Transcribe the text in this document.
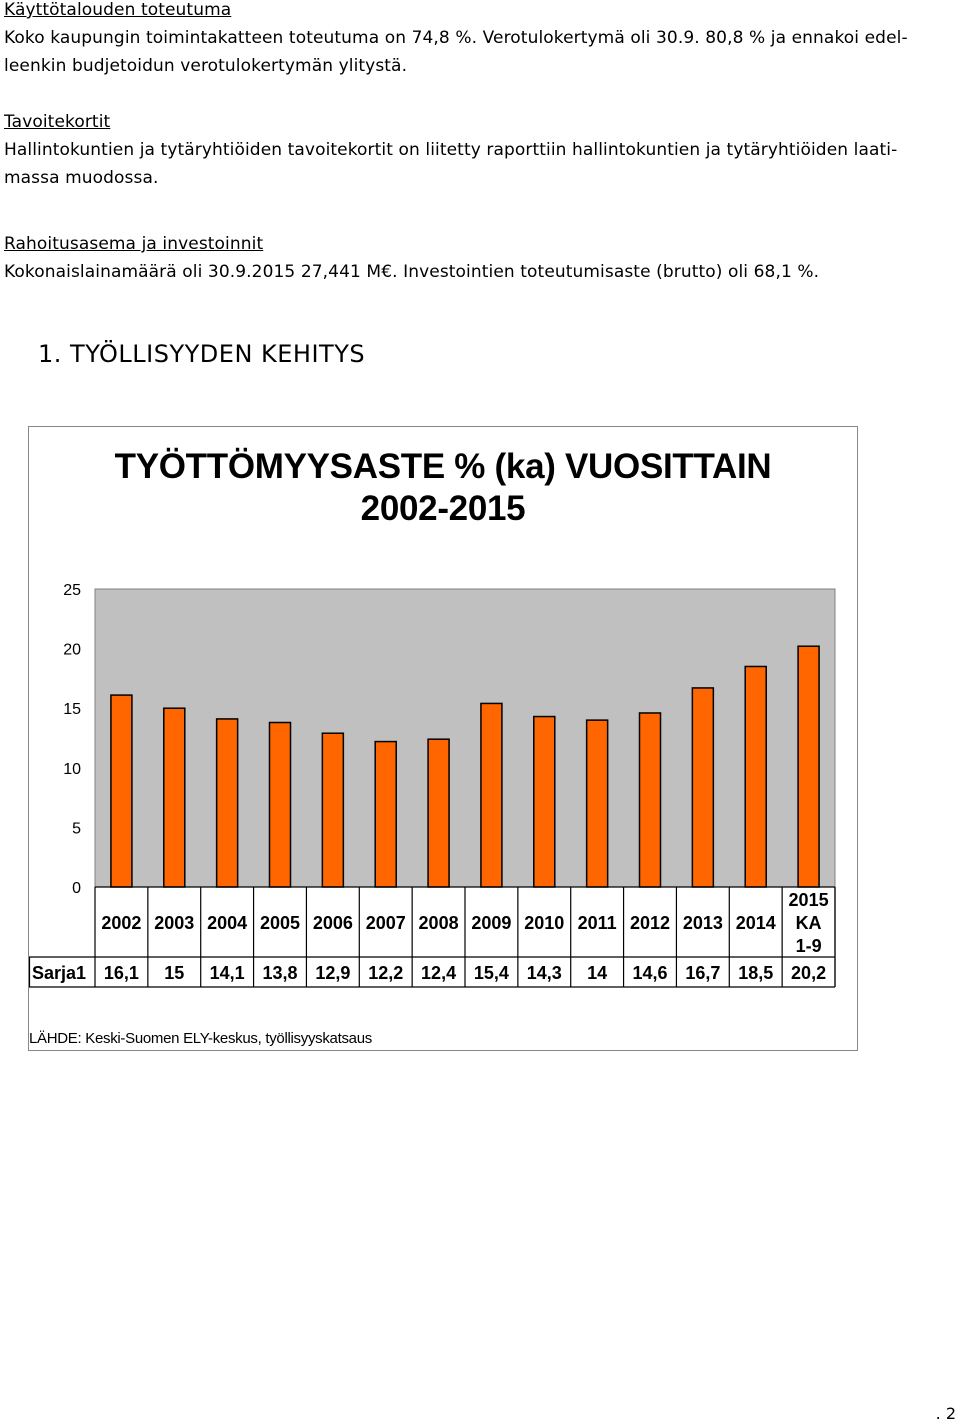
Käyttötalouden toteutuma
Koko kaupungin toimintakatteen toteutuma on 74,8 %. Verotulokertymä oli 30.9. 80,8 % ja ennakoi edel-
leenkin budjetoidun verotulokertymän ylitystä.
Tavoitekortit
Hallintokuntien ja tytäryhtiöiden tavoitekortit on liitetty raporttiin hallintokuntien ja tytäryhtiöiden laati-
massa muodossa.
Rahoitusasema ja investoinnit
Kokonaislainamäärä oli 30.9.2015 27,441 M€. Investointien toteutumisaste (brutto) oli 68,1 %.
1. TYÖLLISYYDEN KEHITYS
TYÖTTÖMYYSASTE % (ka) VUOSITTAIN
2002-2015
0
5
10
15
20
25
2002 2003 2004 2005 2006 2007 2008 2009 2010 2011 2012 2013 2014
2015 KA 1-9
Sarja1 16,1 15 14,1 13,8 12,9 12,2 12,4 15,4 14,3 14 14,6 16,7 18,5 20,2
LÄHDE: Keski-Suomen ELY-keskus, työllisyyskatsaus
. 2
